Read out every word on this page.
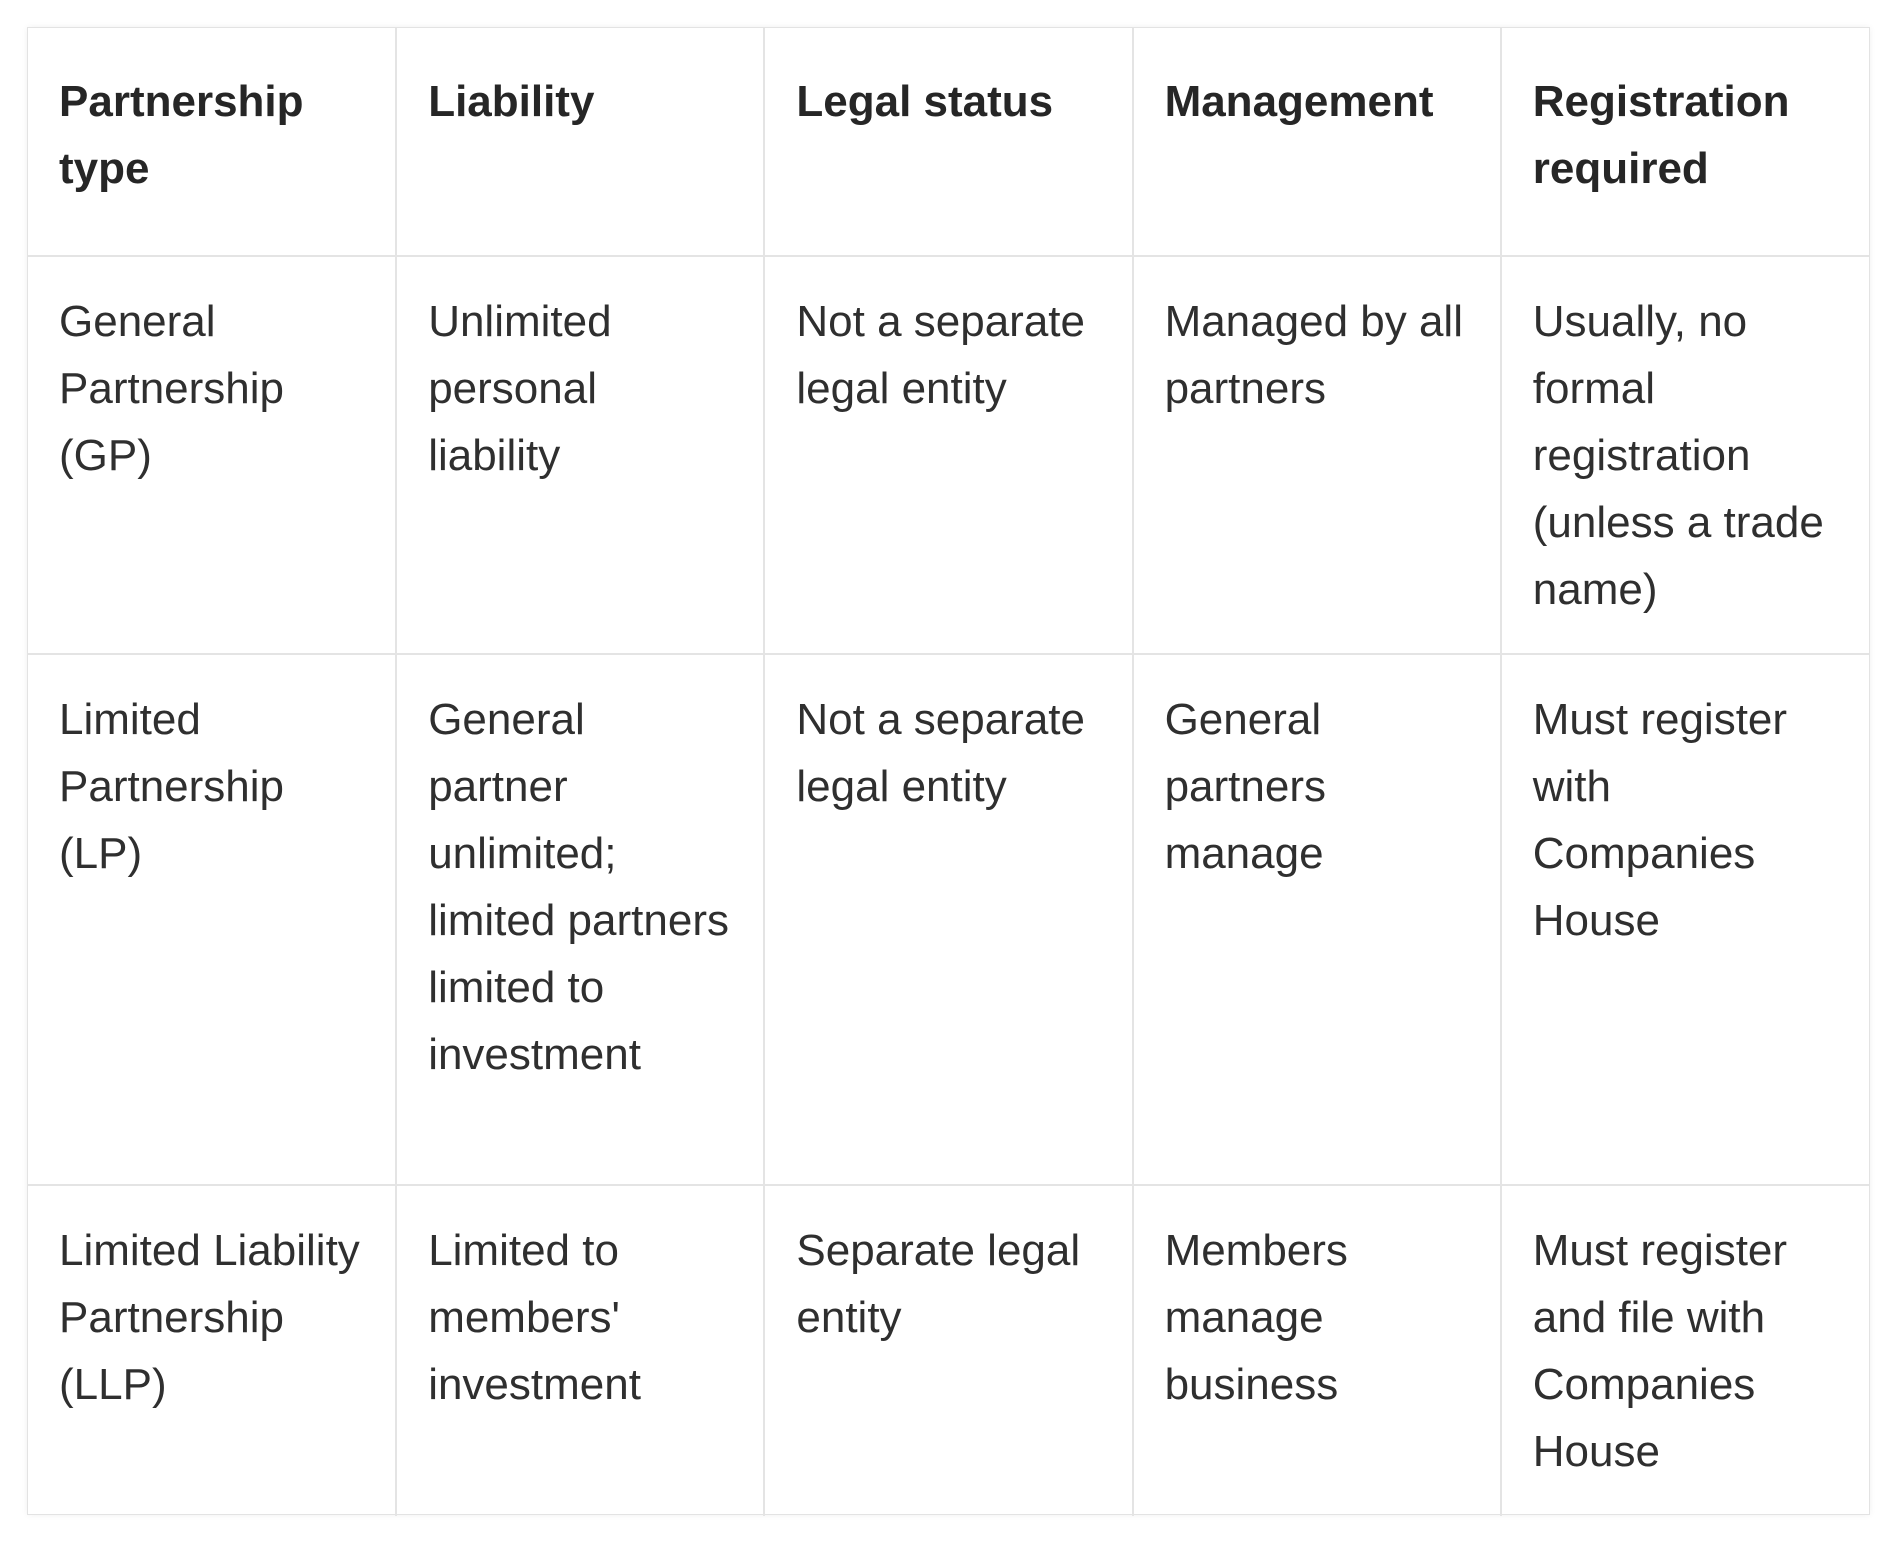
Partnership type	Liability	Legal status	Management	Registration required
General Partnership (GP)	Unlimited personal liability	Not a separate legal entity	Managed by all partners	Usually, no formal registration (unless a trade name)
Limited Partnership (LP)	General partner unlimited; limited partners limited to investment	Not a separate legal entity	General partners manage	Must register with Companies House
Limited Liability Partnership (LLP)	Limited to members' investment	Separate legal entity	Members manage business	Must register and file with Companies House
